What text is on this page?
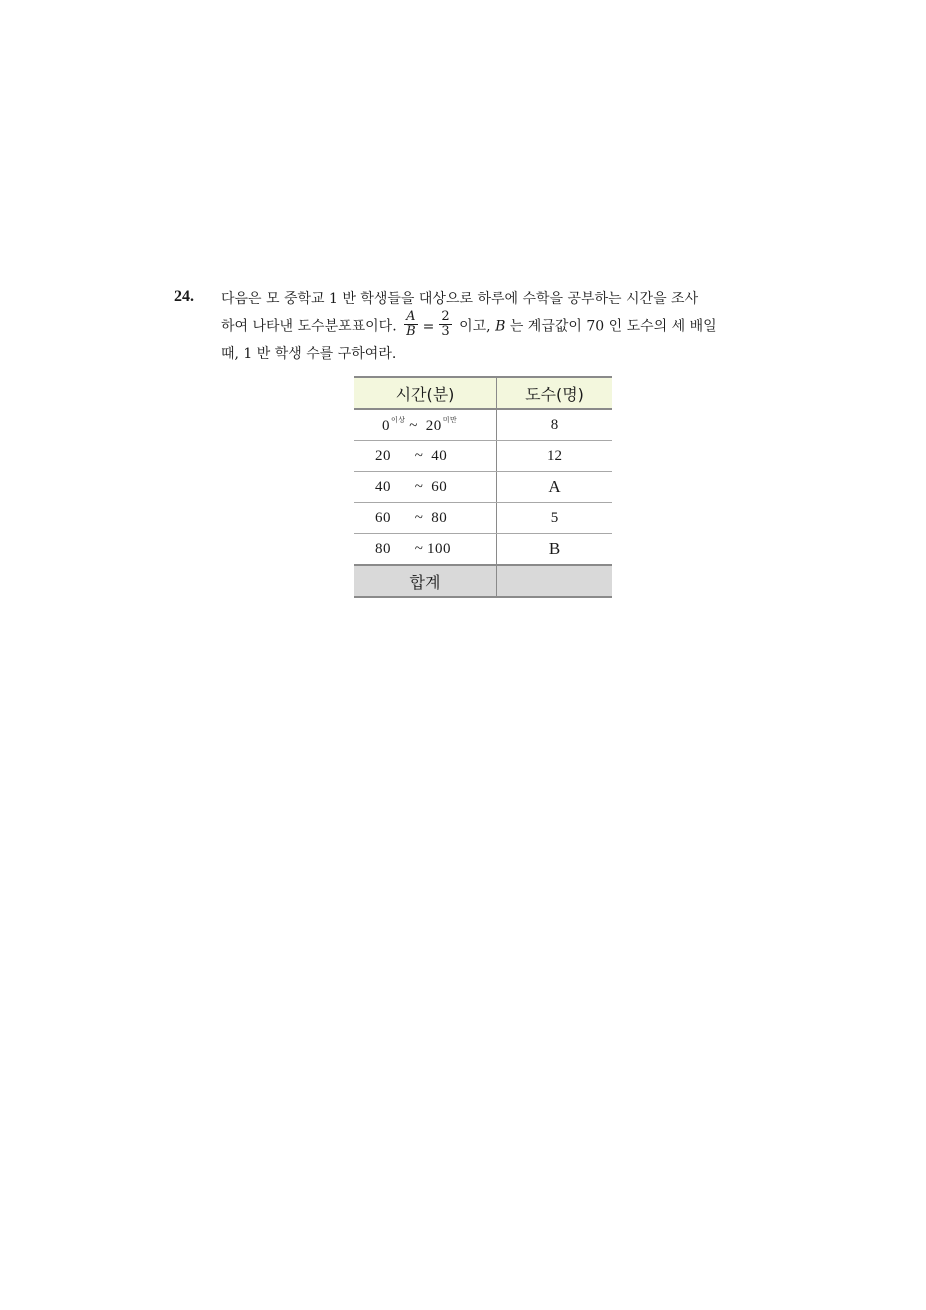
24. 다음은 모 중학교 1 반 학생들을 대상으로 하루에 수학을 공부하는 시간을 조사
하여 나타낸 도수분포표이다. $\frac{A}{B} = \frac{2}{3}$ 이고, B 는 계급값이 70 인 도수의 세 배일
때, 1 반 학생 수를 구하여라.
시간(분)	도수(명)
$0^{이상}$ ~ $20^{미만}$	8
20 ~ 40	12
40 ~ 60	A
60 ~ 80	5
80 ~ 100	B
합계	
